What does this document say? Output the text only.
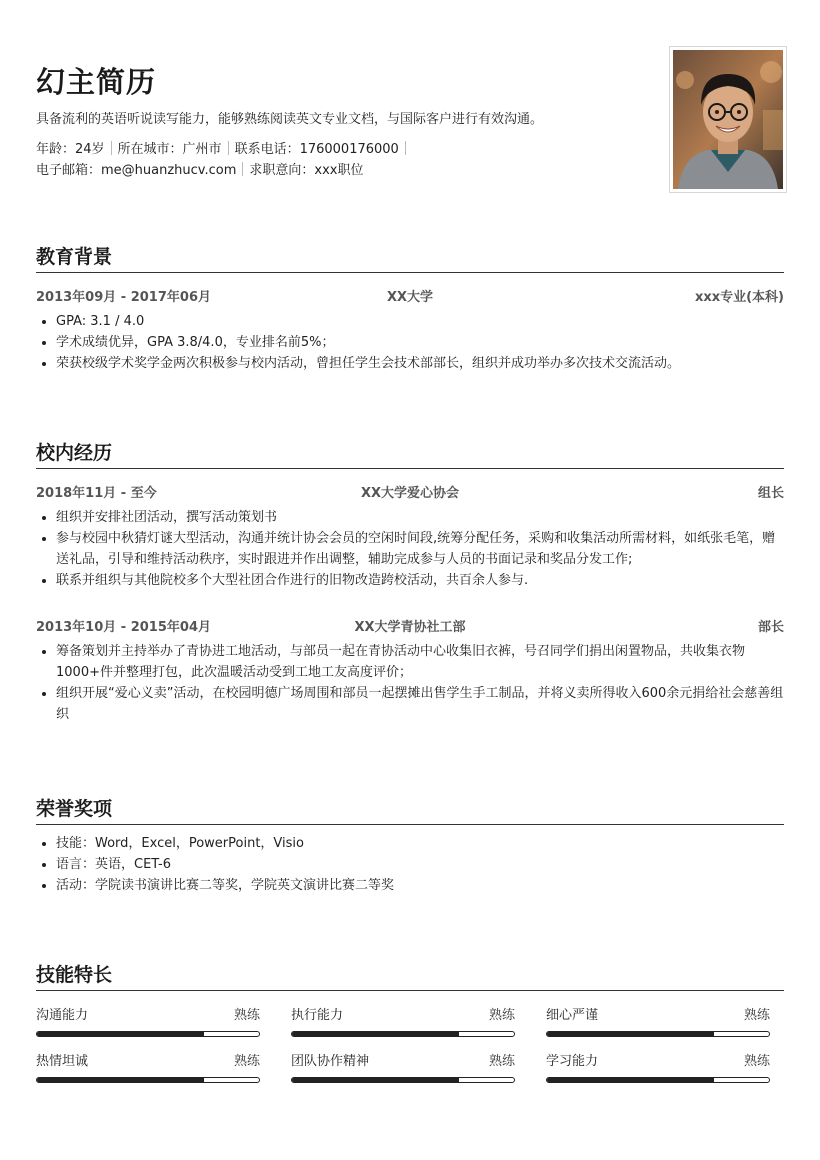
幻主简历
具备流利的英语听说读写能力，能够熟练阅读英文专业文档，与国际客户进行有效沟通。
年龄：24岁 所在城市：广州市 联系电话：176000176000
电子邮箱：me@huanzhucv.com 求职意向：xxx职位
教育背景
2013年09月 - 2017年06月	XX大学	xxx专业(本科)
• GPA: 3.1 / 4.0
• 学术成绩优异，GPA 3.8/4.0，专业排名前5%；
• 荣获校级学术奖学金两次积极参与校内活动，曾担任学生会技术部部长，组织并成功举办多次技术交流活动。
校内经历
2018年11月 - 至今	XX大学爱心协会	组长
• 组织并安排社团活动，撰写活动策划书
• 参与校园中秋猜灯谜大型活动，沟通并统计协会会员的空闲时间段,统筹分配任务，采购和收集活动所需材料，如纸张毛笔，赠送礼品，引导和维持活动秩序，实时跟进并作出调整，辅助完成参与人员的书面记录和奖品分发工作;
• 联系并组织与其他院校多个大型社团合作进行的旧物改造跨校活动，共百余人参与.
2013年10月 - 2015年04月	XX大学青协社工部	部长
• 筹备策划并主持举办了青协进工地活动，与部员一起在青协活动中心收集旧衣裤，号召同学们捐出闲置物品，共收集衣物1000+件并整理打包，此次温暖活动受到工地工友高度评价；
• 组织开展“爱心义卖”活动，在校园明德广场周围和部员一起摆摊出售学生手工制品，并将义卖所得收入600余元捐给社会慈善组织
荣誉奖项
• 技能：Word，Excel，PowerPoint，Visio
• 语言：英语，CET-6
• 活动：学院读书演讲比赛二等奖，学院英文演讲比赛二等奖
技能特长
沟通能力	熟练 执行能力	熟练 细心严谨	熟练
热情坦诚	熟练 团队协作精神	熟练 学习能力	熟练
